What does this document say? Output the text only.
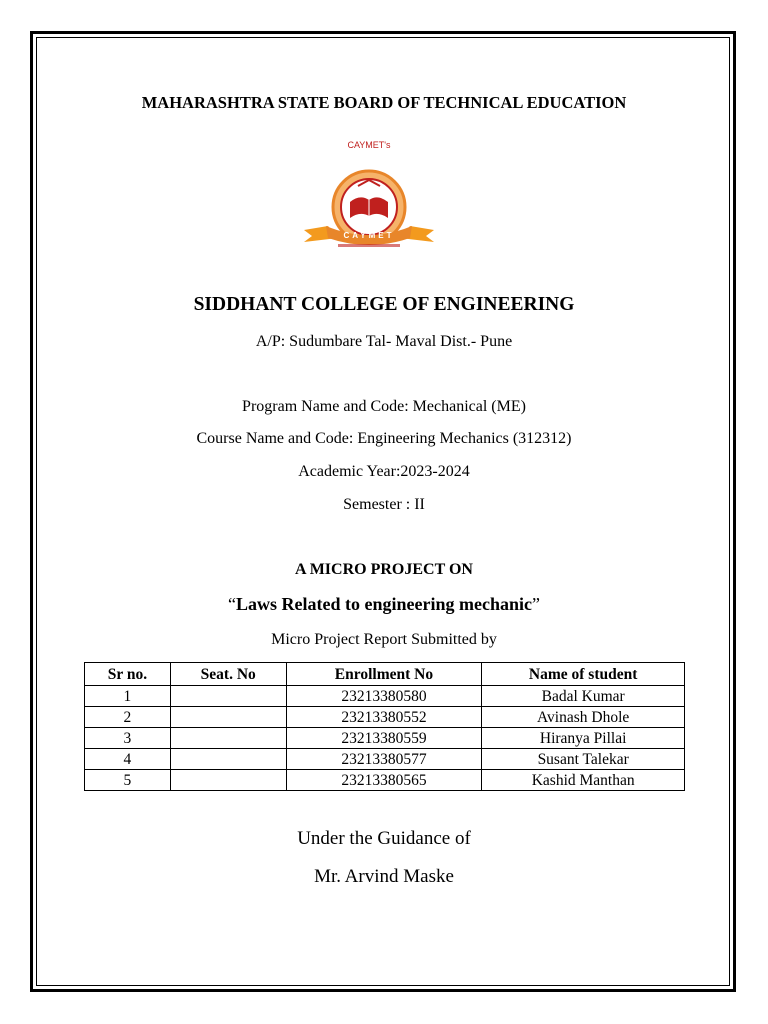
MAHARASHTRA STATE BOARD OF TECHNICAL EDUCATION
CAYMET's
CAYMET
SIDDHANT COLLEGE OF ENGINEERING
A/P: Sudumbare Tal- Maval Dist.- Pune
Program Name and Code: Mechanical (ME)
Course Name and Code: Engineering Mechanics (312312)
Academic Year:2023-2024
Semester : II
A MICRO PROJECT ON
“Laws Related to engineering mechanic”
Micro Project Report Submitted by
Sr no.	Seat. No	Enrollment No	Name of student
1		23213380580	Badal Kumar
2		23213380552	Avinash Dhole
3		23213380559	Hiranya Pillai
4		23213380577	Susant Talekar
5		23213380565	Kashid Manthan
Under the Guidance of
Mr. Arvind Maske
